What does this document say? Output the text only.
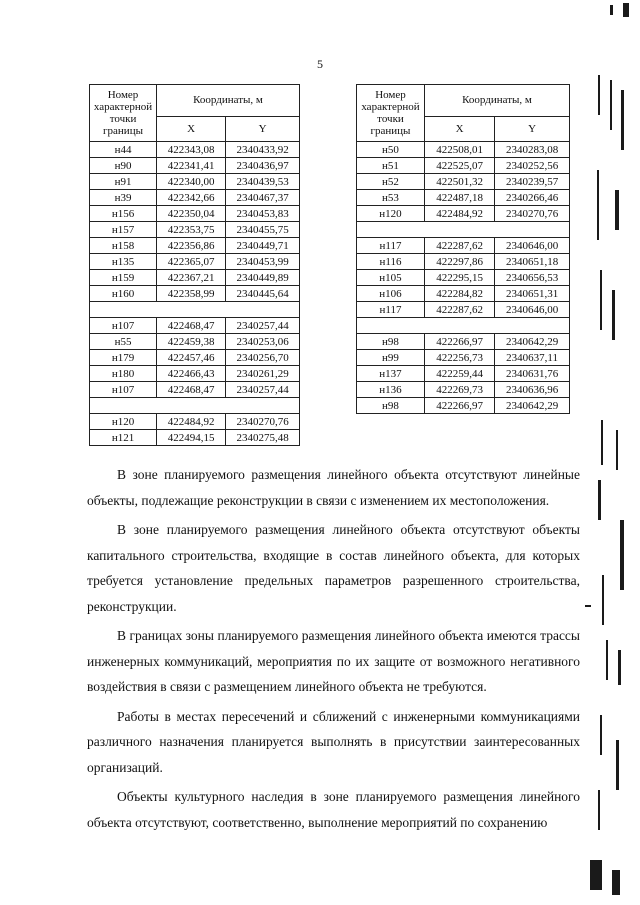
5
Номер характерной точки границы	Координаты, м	
	X	Y
н44	422343,08	2340433,92
н90	422341,41	2340436,97
н91	422340,00	2340439,53
н39	422342,66	2340467,37
н156	422350,04	2340453,83
н157	422353,75	2340455,75
н158	422356,86	2340449,71
н135	422365,07	2340453,99
н159	422367,21	2340449,89
н160	422358,99	2340445,64

н107	422468,47	2340257,44
н55	422459,38	2340253,06
н179	422457,46	2340256,70
н180	422466,43	2340261,29
н107	422468,47	2340257,44

н120	422484,92	2340270,76
н121	422494,15	2340275,48
Номер характерной точки границы	Координаты, м	
	X	Y
н50	422508,01	2340283,08
н51	422525,07	2340252,56
н52	422501,32	2340239,57
н53	422487,18	2340266,46
н120	422484,92	2340270,76

н117	422287,62	2340646,00
н116	422297,86	2340651,18
н105	422295,15	2340656,53
н106	422284,82	2340651,31
н117	422287,62	2340646,00

н98	422266,97	2340642,29
н99	422256,73	2340637,11
н137	422259,44	2340631,76
н136	422269,73	2340636,96
н98	422266,97	2340642,29

В зоне планируемого размещения линейного объекта отсутствуют линейные объекты, подлежащие реконструкции в связи с изменением их местоположения.

В зоне планируемого размещения линейного объекта отсутствуют объекты капитального строительства, входящие в состав линейного объекта, для которых требуется установление предельных параметров разрешенного строительства, реконструкции.

В границах зоны планируемого размещения линейного объекта имеются трассы инженерных коммуникаций, мероприятия по их защите от возможного негативного воздействия в связи с размещением линейного объекта не требуются.

Работы в местах пересечений и сближений с инженерными коммуникациями различного назначения планируется выполнять в присутствии заинтересованных организаций.

Объекты культурного наследия в зоне планируемого размещения линейного объекта отсутствуют, соответственно, выполнение мероприятий по сохранению
